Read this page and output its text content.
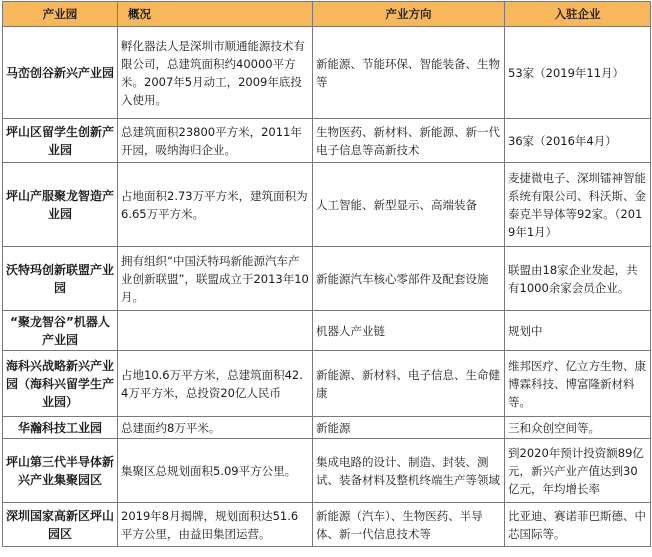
产业园	概况	产业方向	入驻企业
马峦创谷新兴产业园	孵化器法人是深圳市顺通能源技术有限公司，总建筑面积约40000平方米。2007年5月动工，2009年底投入使用。	新能源、节能环保、智能装备、生物等	53家（2019年11月）
坪山区留学生创新产业园	总建筑面积23800平方米，2011年开园，吸纳海归企业。	生物医药、新材料、新能源、新一代电子信息等高新技术	36家（2016年4月）
坪山产服聚龙智造产业园	占地面积2.73万平方米，建筑面积为6.65万平方米。	人工智能、新型显示、高端装备	麦捷微电子、深圳镭神智能系统有限公司、科沃斯、金泰克半导体等92家。（2019年1月）
沃特玛创新联盟产业园	拥有组织“中国沃特玛新能源汽车产业创新联盟”，联盟成立于2013年10月。	新能源汽车核心零部件及配套设施	联盟由18家企业发起，共有1000余家会员企业。
“聚龙智谷”机器人产业园		机器人产业链	规划中
海科兴战略新兴产业园（海科兴留学生产业园）	占地10.6万平方米，总建筑面积42.4万平方米，总投资20亿人民币	新能源、新材料、电子信息、生命健康	维邦医疗、亿立方生物、康博霖科技、博富隆新材料等。
华瀚科技工业园	总建面约8万平米。	新能源	三和众创空间等。
坪山第三代半导体新兴产业集聚园区	集聚区总规划面积5.09平方公里。	集成电路的设计、制造、封装、测试、装备材料及整机终端生产等领域	到2020年预计投资额89亿元，新兴产业产值达到30亿元，年均增长率
深圳国家高新区坪山园区	2019年8月揭牌，规划面积达51.6平方公里，由益田集团运营。	新能源（汽车）、生物医药、半导体、新一代信息技术等	比亚迪、赛诺菲巴斯德、中芯国际等。
